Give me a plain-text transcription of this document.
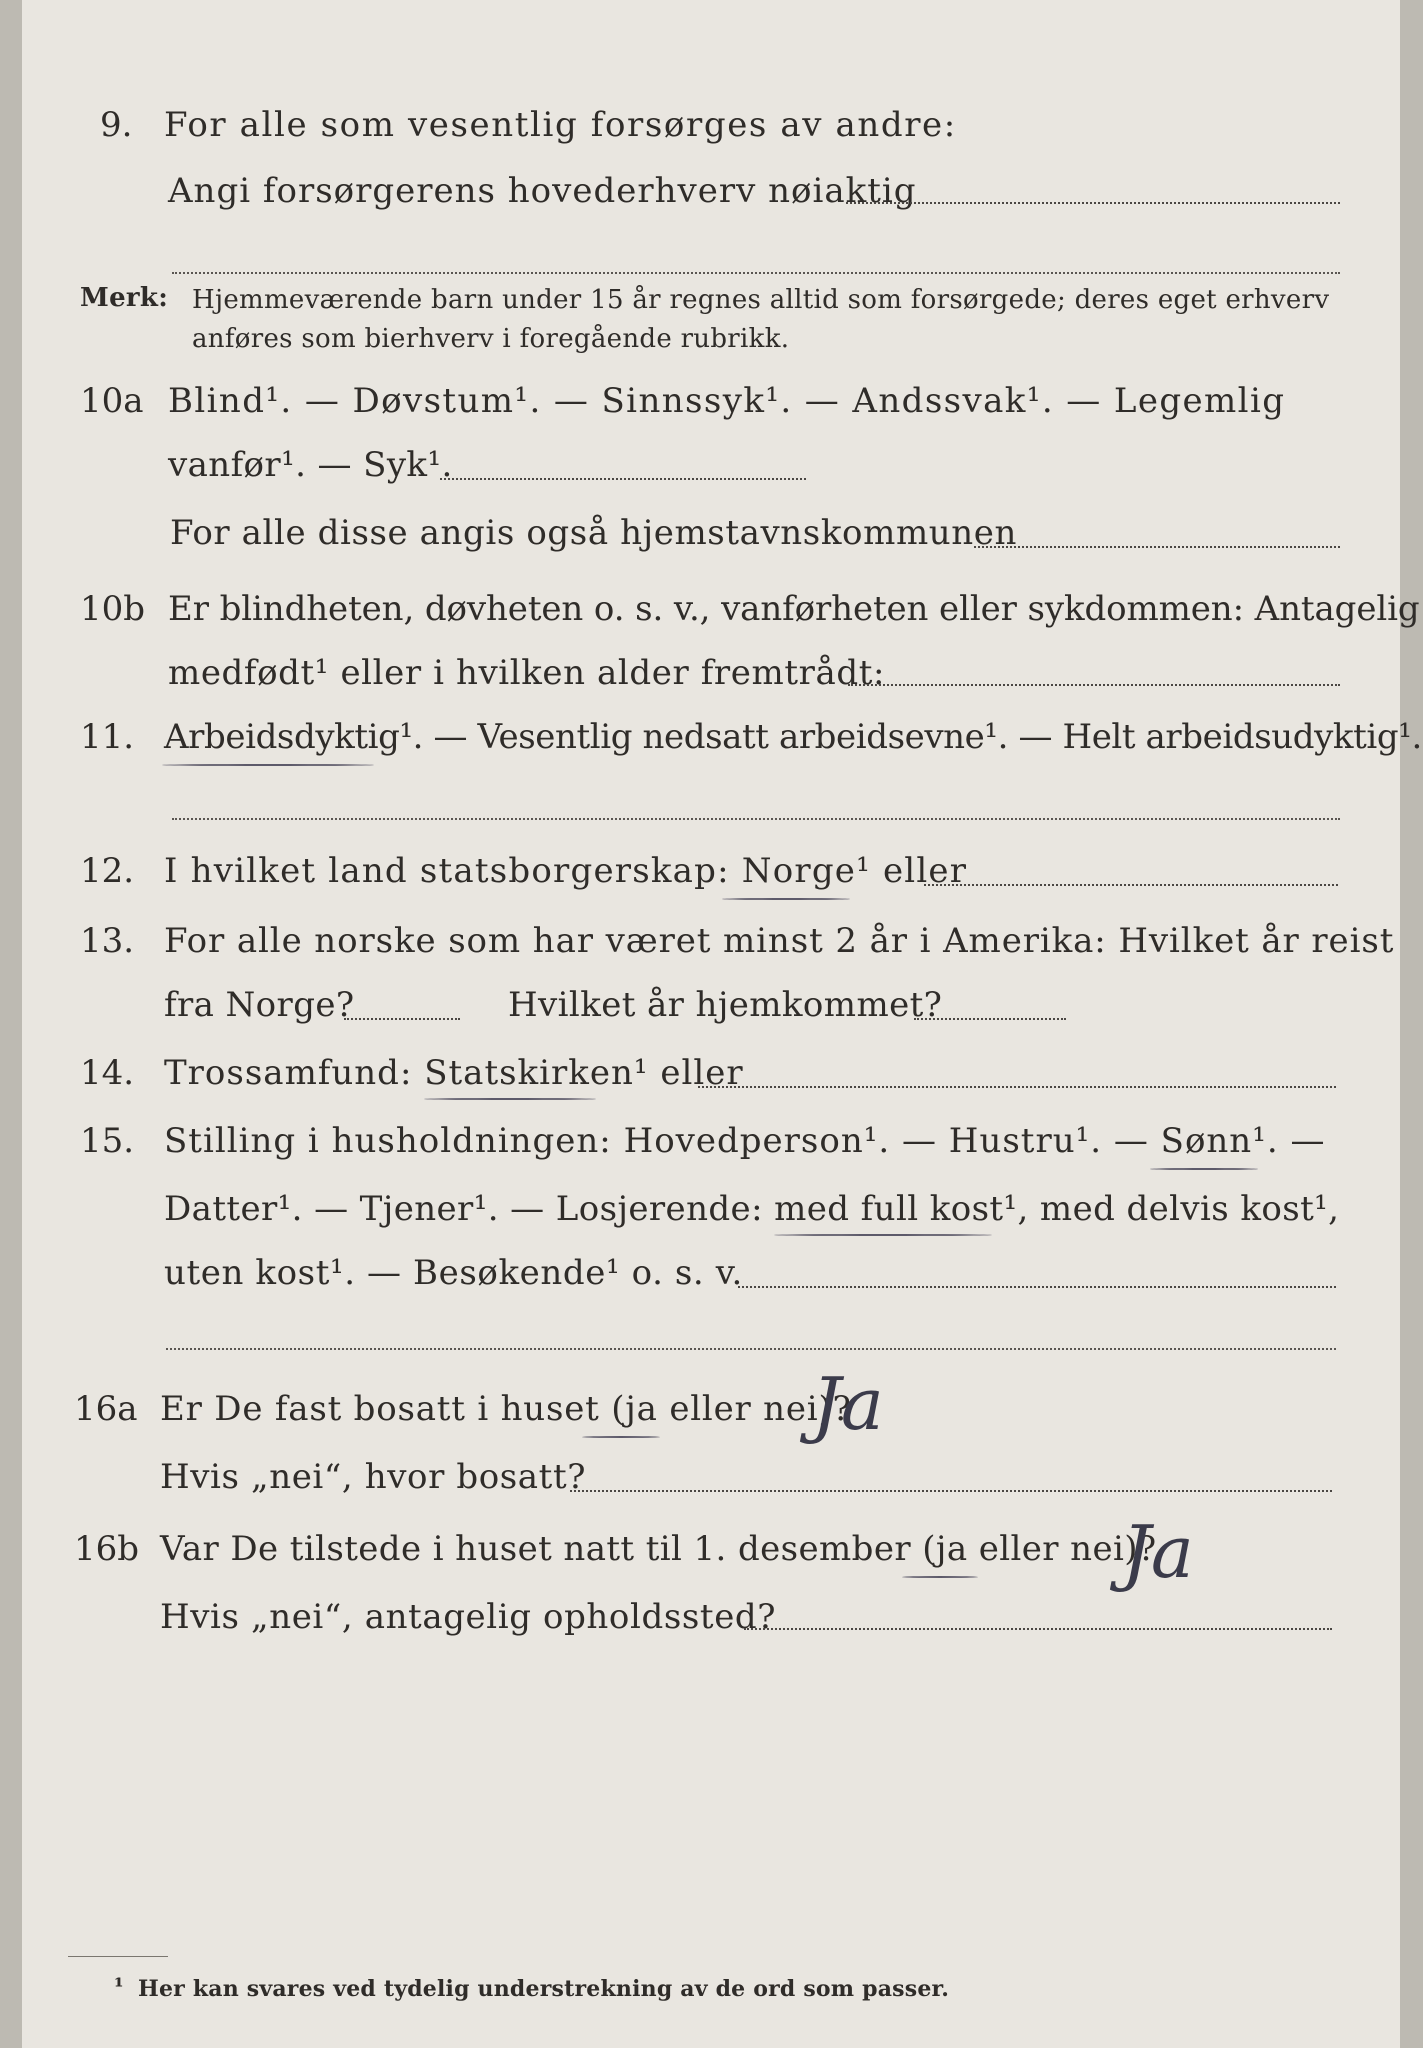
9. For alle som vesentlig forsørges av andre:
Angi forsørgerens hovederhverv nøiaktig
Merk: Hjemmeværende barn under 15 år regnes alltid som forsørgede; deres eget erhverv
anføres som bierhverv i foregående rubrikk.
10a Blind¹. — Døvstum¹. — Sinnssyk¹. — Andssvak¹. — Legemlig
vanfør¹. — Syk¹.
For alle disse angis også hjemstavnskommunen
10b Er blindheten, døvheten o. s. v., vanførheten eller sykdommen: Antagelig
medfødt¹ eller i hvilken alder fremtrådt:
11. Arbeidsdyktig¹. — Vesentlig nedsatt arbeidsevne¹. — Helt arbeidsudyktig¹.
12. I hvilket land statsborgerskap: Norge¹ eller
13. For alle norske som har været minst 2 år i Amerika: Hvilket år reist
fra Norge?	Hvilket år hjemkommet?
14. Trossamfund: Statskirken¹ eller
15. Stilling i husholdningen: Hovedperson¹. — Hustru¹. — Sønn¹. —
Datter¹. — Tjener¹. — Losjerende: med full kost¹, med delvis kost¹,
uten kost¹. — Besøkende¹ o. s. v.
16a Er De fast bosatt i huset (ja eller nei)?
Ja
Hvis „nei“, hvor bosatt?
16b Var De tilstede i huset natt til 1. desember (ja eller nei)?
Ja
Hvis „nei“, antagelig opholdssted?
¹ Her kan svares ved tydelig understrekning av de ord som passer.
